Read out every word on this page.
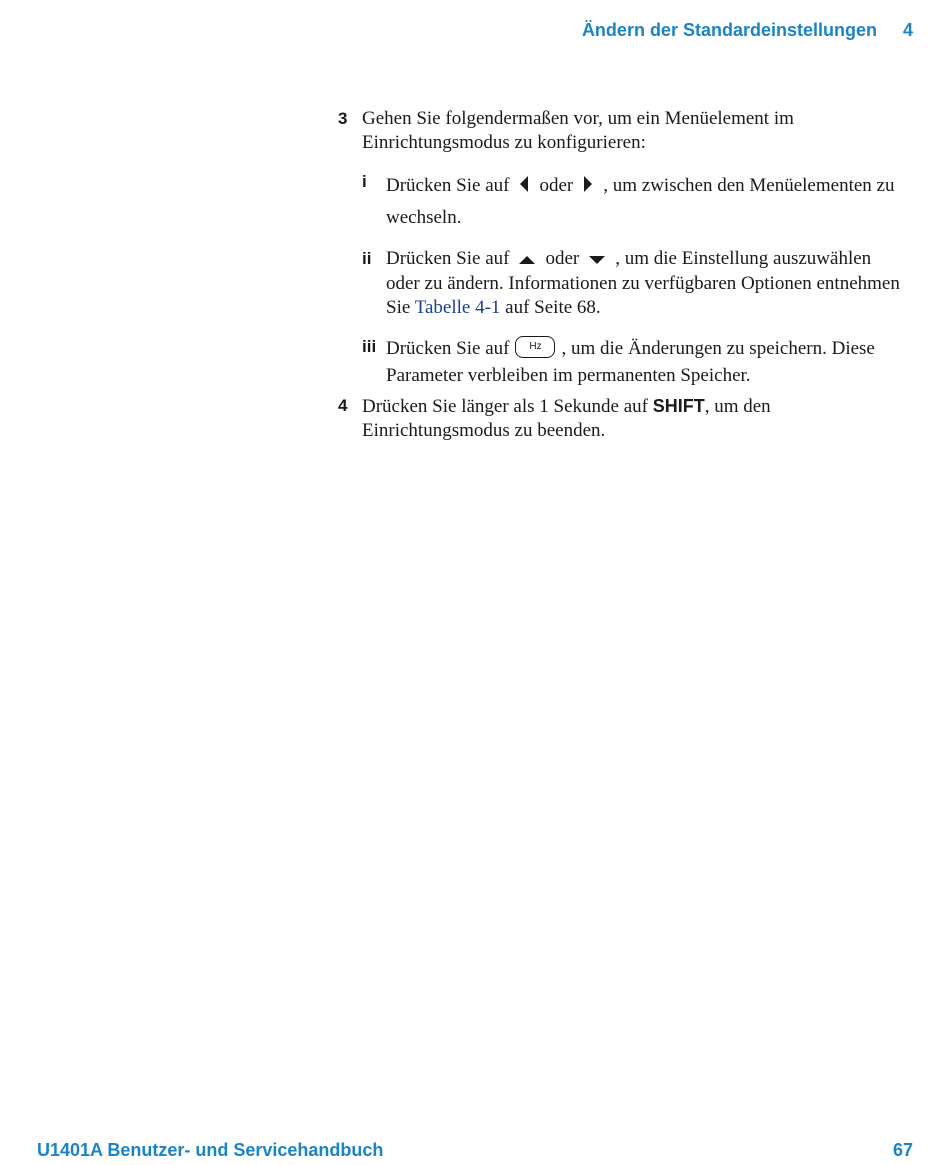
Ändern der Standardeinstellungen 4
3 Gehen Sie folgendermaßen vor, um ein Menüelement im Einrichtungsmodus zu konfigurieren:
i	Drücken Sie auf oder , um zwischen den Menüelementen zu wechseln.
ii Drücken Sie auf oder , um die Einstellung auszuwählen oder zu ändern. Informationen zu verfügbaren Optionen entnehmen Sie Tabelle 4-1 auf Seite 68.
iii Drücken Sie auf Hz , um die Änderungen zu speichern. Diese Parameter verbleiben im permanenten Speicher.
4 Drücken Sie länger als 1 Sekunde auf SHIFT, um den Einrichtungsmodus zu beenden.
U1401A Benutzer- und Servicehandbuch	67
